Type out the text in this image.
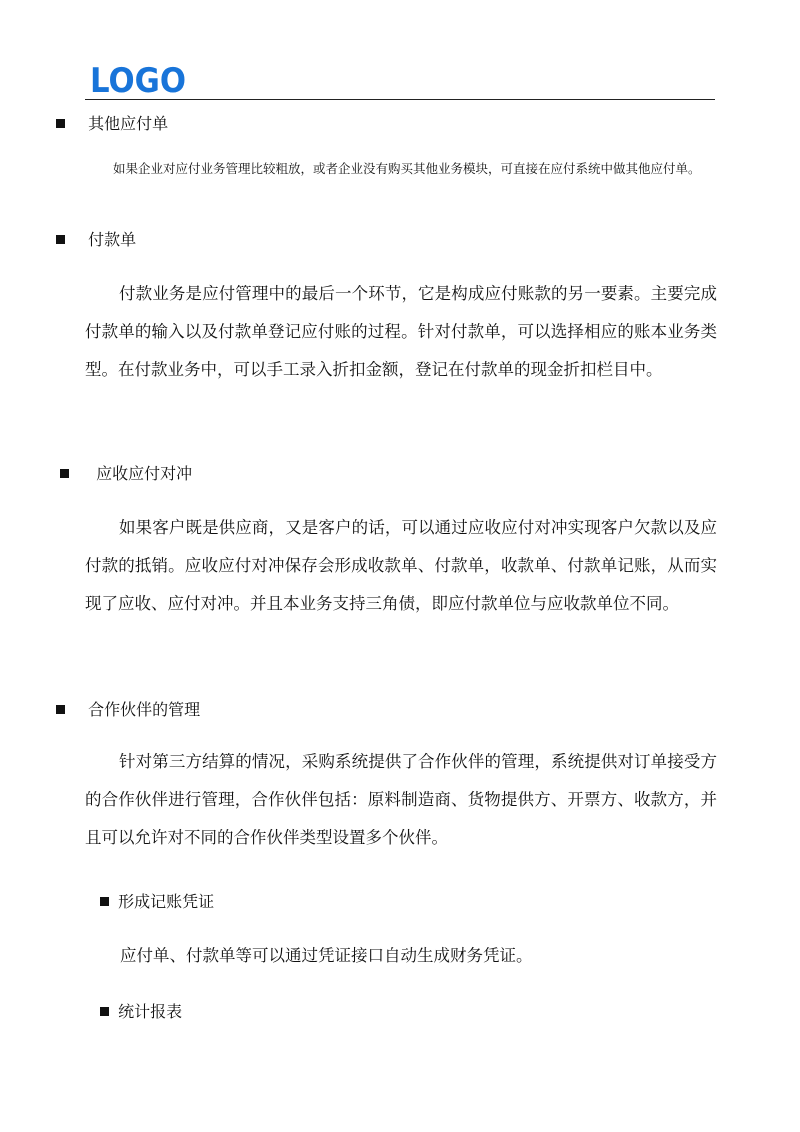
LOGO
其他应付单

如果企业对应付业务管理比较粗放，或者企业没有购买其他业务模块，可直接在应付系统中做其他应付单。

付款单

付款业务是应付管理中的最后一个环节，它是构成应付账款的另一要素。主要完成付款单的输入以及付款单登记应付账的过程。针对付款单，可以选择相应的账本业务类型。在付款业务中，可以手工录入折扣金额，登记在付款单的现金折扣栏目中。

应收应付对冲

如果客户既是供应商，又是客户的话，可以通过应收应付对冲实现客户欠款以及应付款的抵销。应收应付对冲保存会形成收款单、付款单，收款单、付款单记账，从而实现了应收、应付对冲。并且本业务支持三角债，即应付款单位与应收款单位不同。

合作伙伴的管理

针对第三方结算的情况，采购系统提供了合作伙伴的管理，系统提供对订单接受方的合作伙伴进行管理，合作伙伴包括：原料制造商、货物提供方、开票方、收款方，并且可以允许对不同的合作伙伴类型设置多个伙伴。

形成记账凭证

应付单、付款单等可以通过凭证接口自动生成财务凭证。

统计报表
